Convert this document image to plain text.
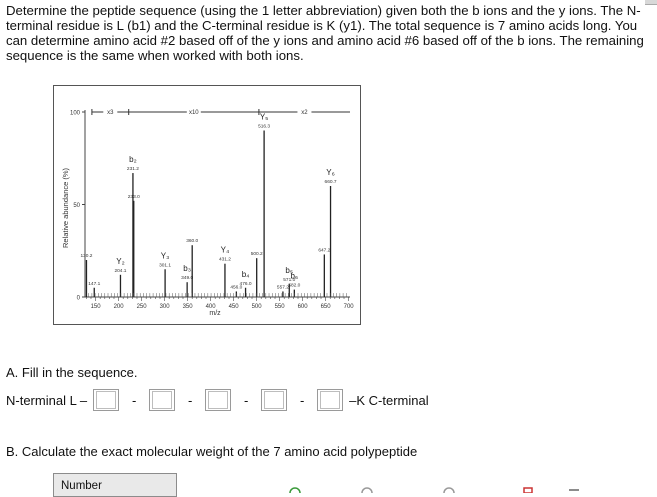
Determine the peptide sequence (using the 1 letter abbreviation) given both the b ions and the y ions. The N-terminal residue is L (b1) and the C-terminal residue is K (y1). The total sequence is 7 amino acids long. You can determine amino acid #2 based off of the y ions and amino acid #6 based off of the b ions. The remaining sequence is the same when worked with both ions.

Relative abundance (%)
m/z
x3	x10	x2
100
50
0
150 200 250 300 350 400 450 500 550 600 650 700
130.2
147.1
204.1
Y₂
233.0
231.2
b₂
301.1
Y₃
349.0
b₃
360.0
431.2
Y₄
476.0
b₄
456.0
500.2
516.3
Y₅
557.2
571.0
b₅
582.0
b₆
647.2
660.7
Y₆

A. Fill in the sequence.

N-terminal L –	-	-	-	-	–K C-terminal

B. Calculate the exact molecular weight of the 7 amino acid polypeptide

Number
